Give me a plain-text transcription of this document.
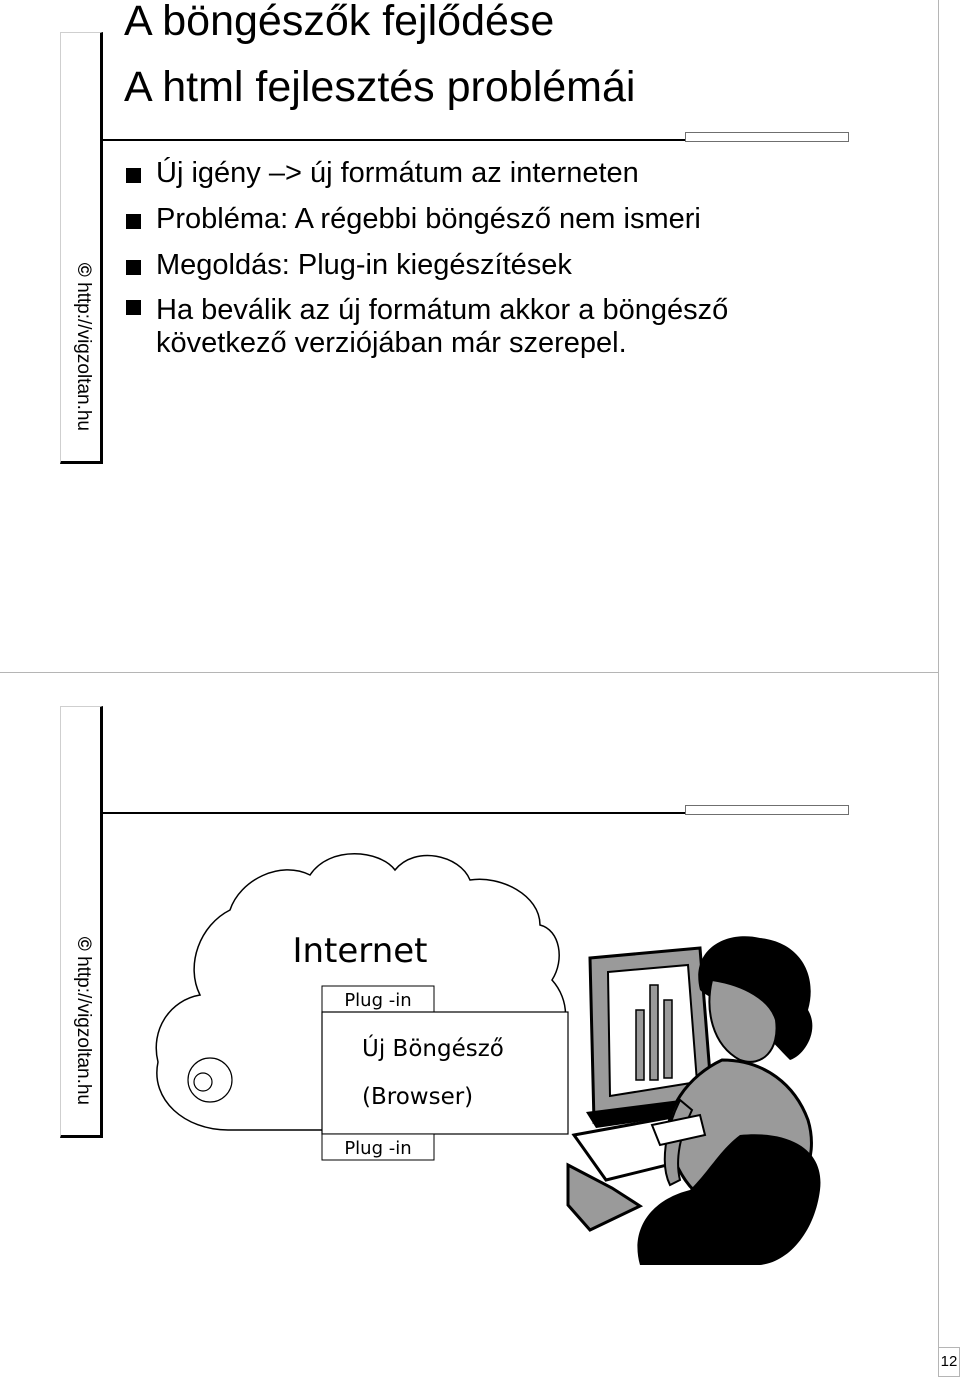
© http://vigzoltan.hu
A html fejlesztés problémái
Új igény –> új formátum az interneten
Probléma: A régebbi böngésző nem ismeri
Megoldás: Plug-in kiegészítések
Ha beválik az új formátum akkor a böngésző
következő verziójában már szerepel.
© http://vigzoltan.hu
A böngészők fejlődése
Internet
Plug -in
Új Böngésző
(Browser)
Plug -in
12
